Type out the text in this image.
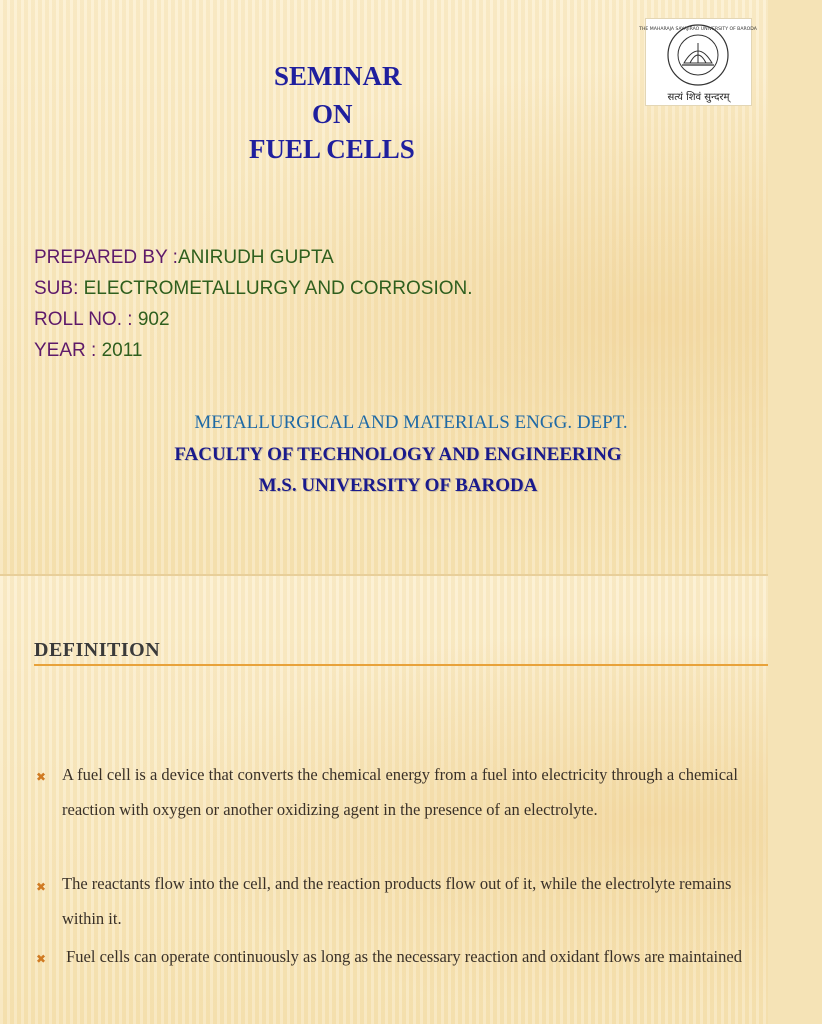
THE MAHARAJA SAYAJIRAO UNIVERSITY OF BARODA
सत्यं शिवं सुन्दरम्
SEMINAR
ON
FUEL CELLS
PREPARED BY :ANIRUDH GUPTA
SUB: ELECTROMETALLURGY AND CORROSION.
ROLL NO. : 902
YEAR : 2011
METALLURGICAL AND MATERIALS ENGG. DEPT.
FACULTY OF TECHNOLOGY AND ENGINEERING
M.S. UNIVERSITY OF BARODA
DEFINITION
✖ A fuel cell is a device that converts the chemical energy from a fuel into electricity through a chemical reaction with oxygen or another oxidizing agent in the presence of an electrolyte.
✖ The reactants flow into the cell, and the reaction products flow out of it, while the electrolyte remains within it.
✖ Fuel cells can operate continuously as long as the necessary reaction and oxidant flows are maintained
